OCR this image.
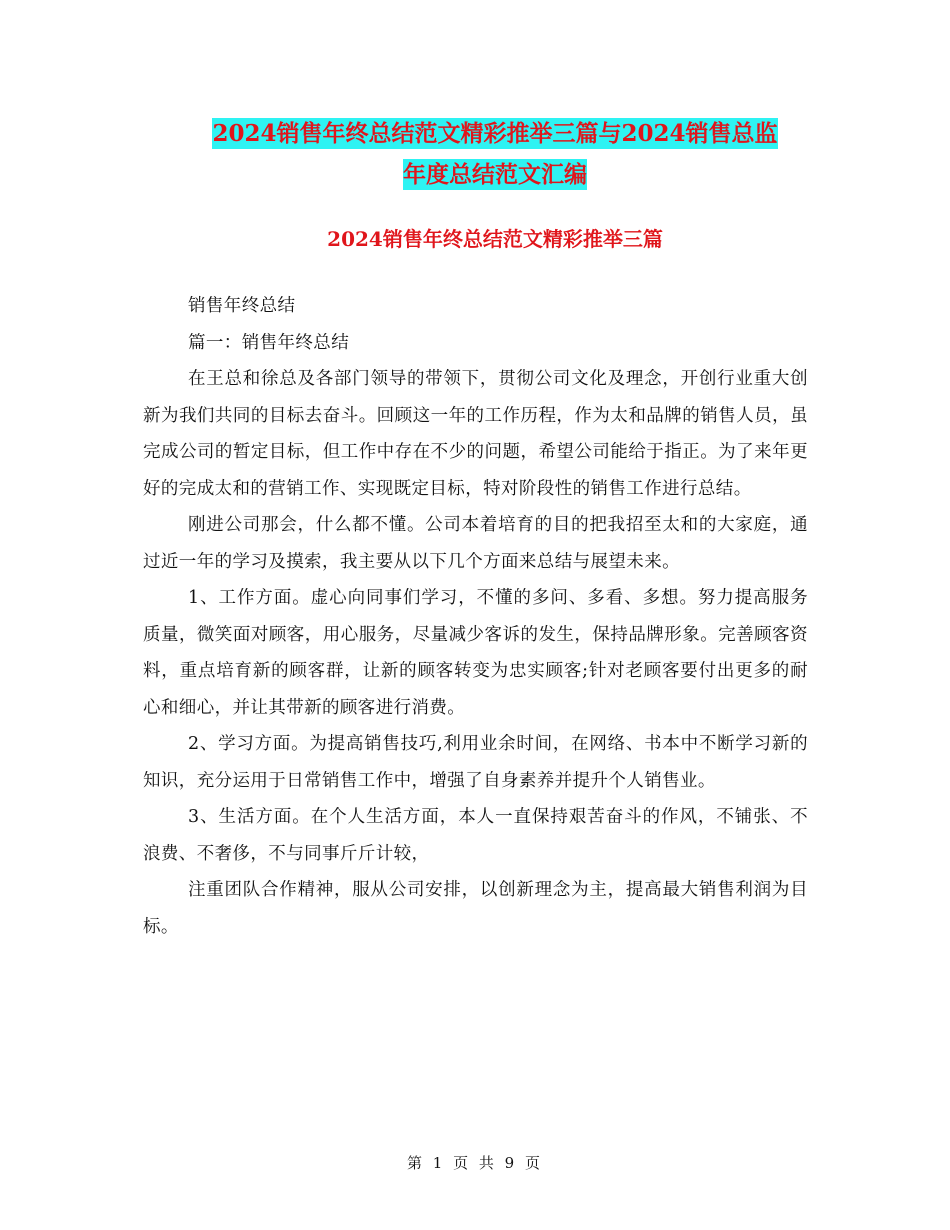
2024销售年终总结范文精彩推举三篇与2024销售总监
年度总结范文汇编
2024销售年终总结范文精彩推举三篇

销售年终总结

篇一：销售年终总结

在王总和徐总及各部门领导的带领下，贯彻公司文化及理念，开创行业重大创新为我们共同的目标去奋斗。回顾这一年的工作历程，作为太和品牌的销售人员，虽完成公司的暂定目标，但工作中存在不少的问题，希望公司能给于指正。为了来年更好的完成太和的营销工作、实现既定目标，特对阶段性的销售工作进行总结。

刚进公司那会，什么都不懂。公司本着培育的目的把我招至太和的大家庭，通过近一年的学习及摸索，我主要从以下几个方面来总结与展望未来。

1、工作方面。虚心向同事们学习，不懂的多问、多看、多想。努力提高服务质量，微笑面对顾客，用心服务，尽量减少客诉的发生，保持品牌形象。完善顾客资料，重点培育新的顾客群，让新的顾客转变为忠实顾客;针对老顾客要付出更多的耐心和细心，并让其带新的顾客进行消费。

2、学习方面。为提高销售技巧,利用业余时间，在网络、书本中不断学习新的知识，充分运用于日常销售工作中，增强了自身素养并提升个人销售业。

3、生活方面。在个人生活方面，本人一直保持艰苦奋斗的作风，不铺张、不浪费、不奢侈，不与同事斤斤计较，

注重团队合作精神，服从公司安排，以创新理念为主，提高最大销售利润为目标。

第 1 页 共 9 页
